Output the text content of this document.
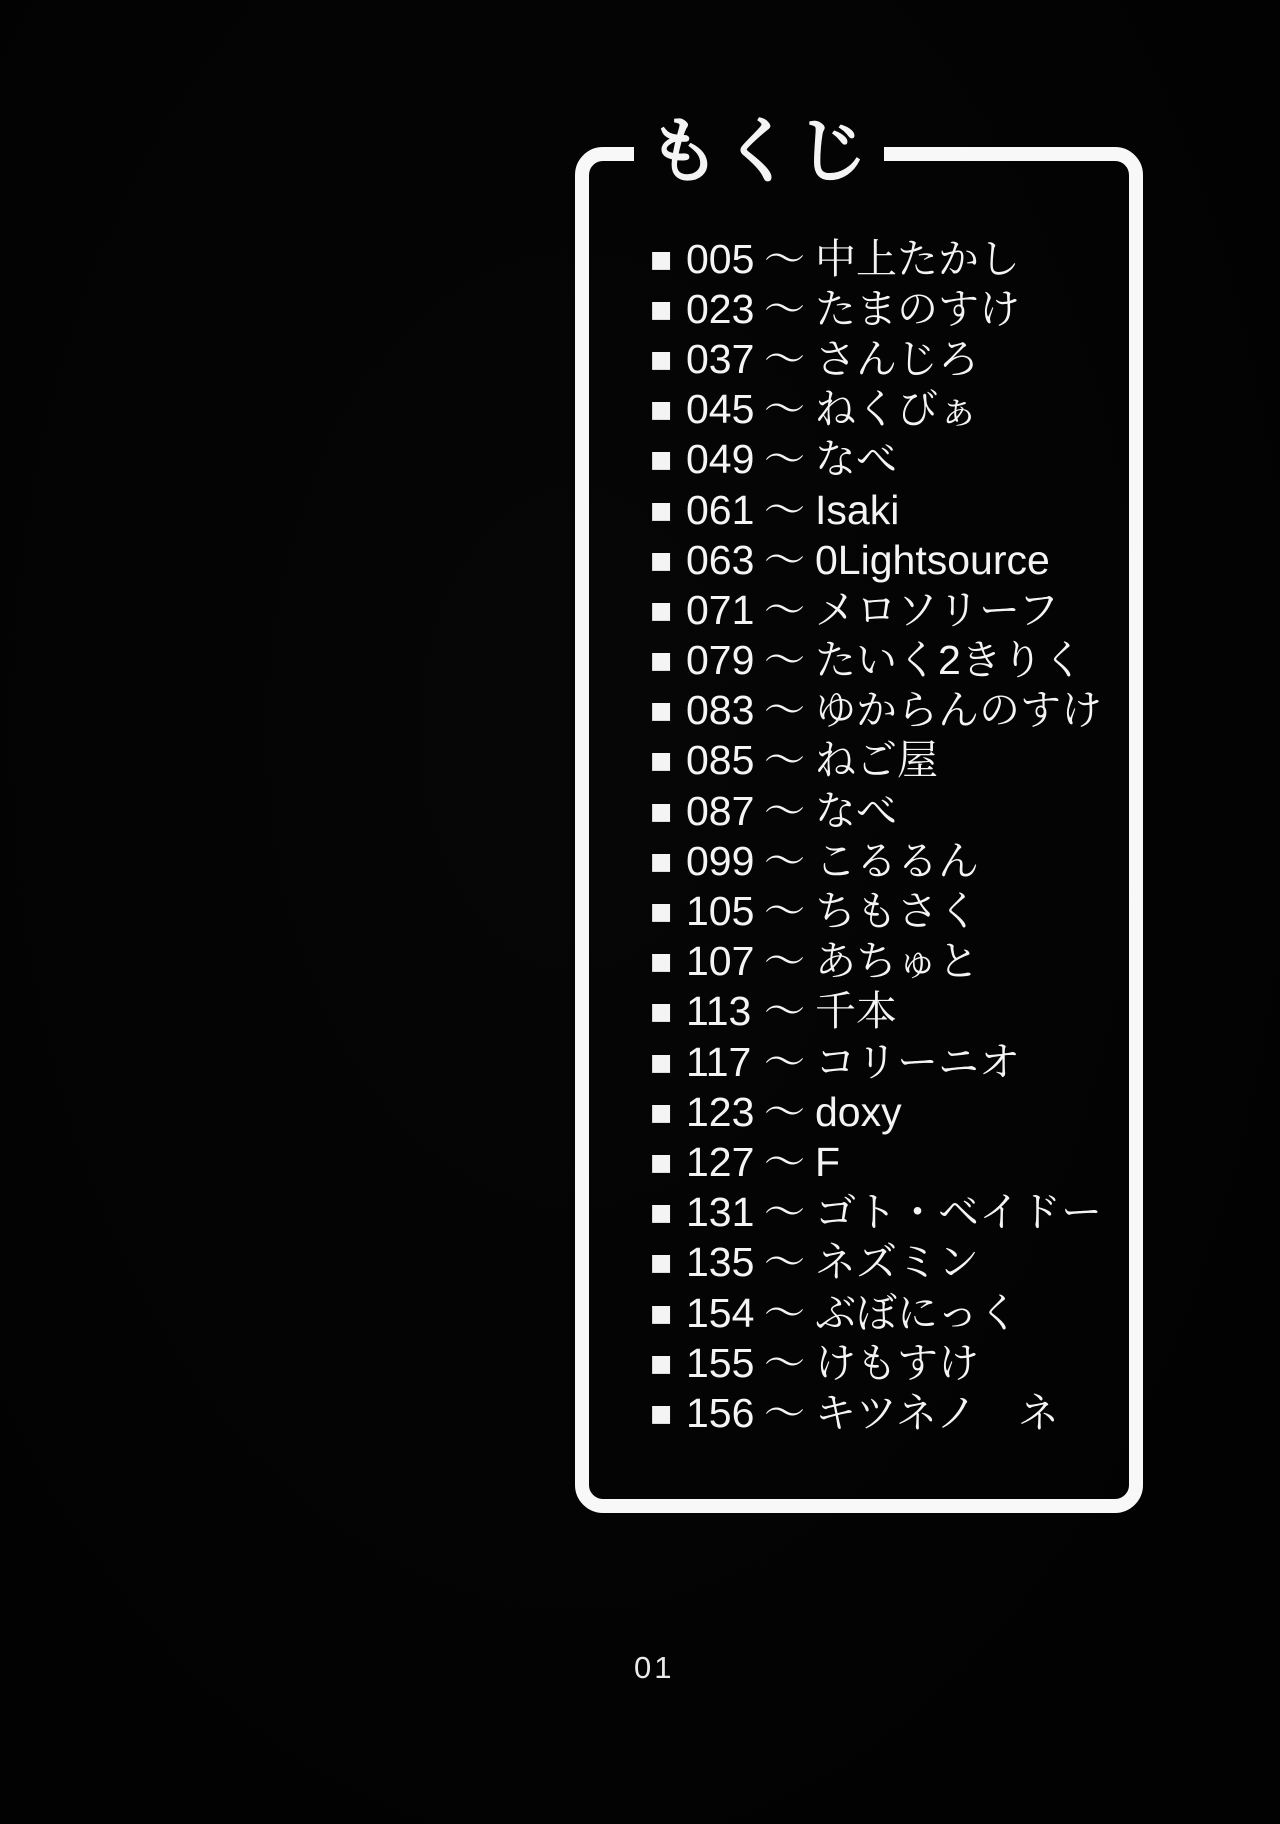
もくじ
■ 005 ～ 中上たかし
■ 023 ～ たまのすけ
■ 037 ～ さんじろ
■ 045 ～ ねくびぁ
■ 049 ～ なべ
■ 061 ～ Isaki
■ 063 ～ 0Lightsource
■ 071 ～ メロソリーフ
■ 079 ～ たいく2きりく
■ 083 ～ ゆからんのすけ
■ 085 ～ ねご屋
■ 087 ～ なべ
■ 099 ～ こるるん
■ 105 ～ ちもさく
■ 107 ～ あちゅと
■ 113 ～ 千本
■ 117 ～ コリーニオ
■ 123 ～ doxy
■ 127 ～ F
■ 131 ～ ゴト・ベイドー
■ 135 ～ ネズミン
■ 154 ～ ぶぼにっく
■ 155 ～ けもすけ
■ 156 ～ キツネノ　ネ
01
